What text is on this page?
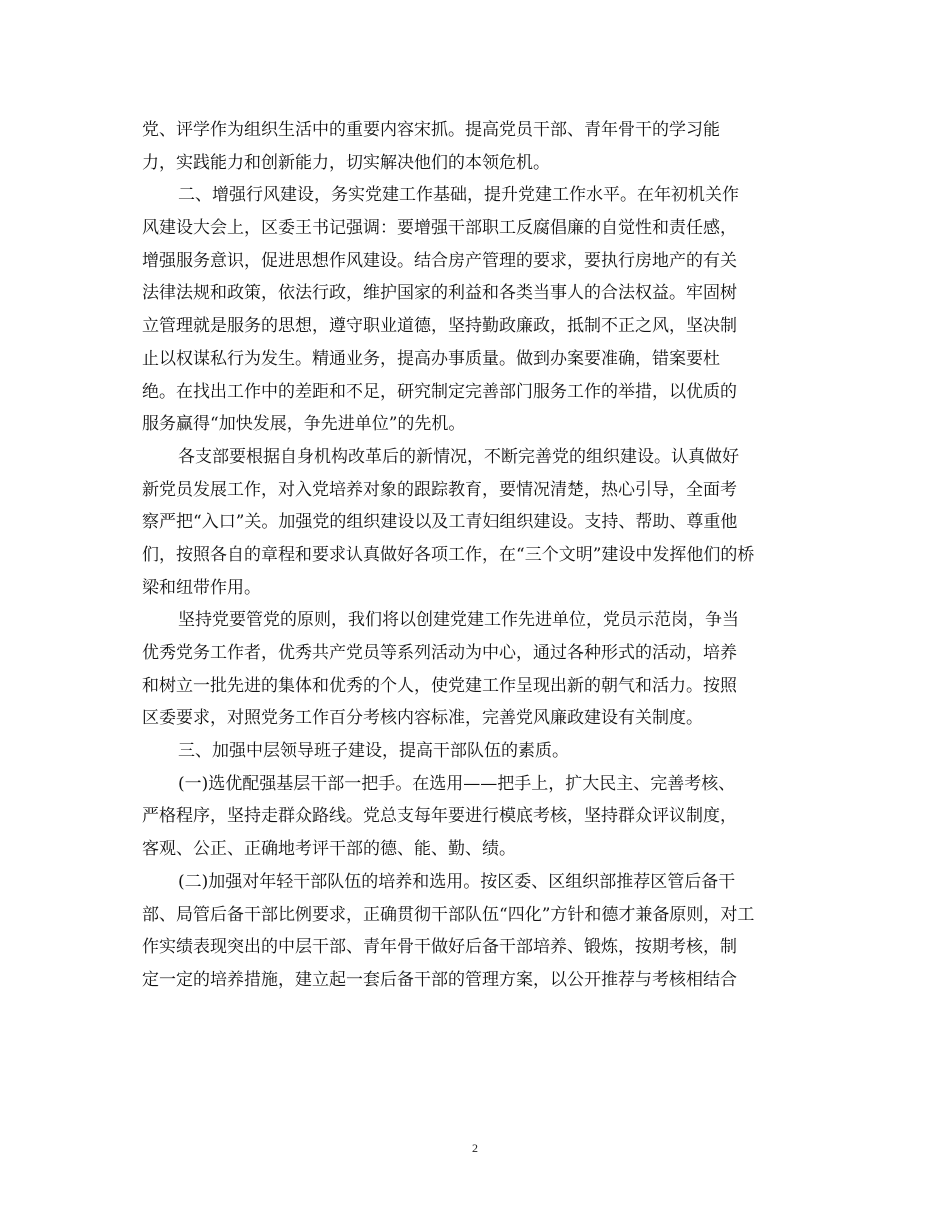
党、评学作为组织生活中的重要内容宋抓。提高党员干部、青年骨干的学习能
力，实践能力和创新能力，切实解决他们的本领危机。
二、增强行风建设，务实党建工作基础，提升党建工作水平。在年初机关作
风建设大会上，区委王书记强调：要增强干部职工反腐倡廉的自觉性和责任感，
增强服务意识，促进思想作风建设。结合房产管理的要求，要执行房地产的有关
法律法规和政策，依法行政，维护国家的利益和各类当事人的合法权益。牢固树
立管理就是服务的思想，遵守职业道德，坚持勤政廉政，抵制不正之风，坚决制
止以权谋私行为发生。精通业务，提高办事质量。做到办案要准确，错案要杜
绝。在找出工作中的差距和不足，研究制定完善部门服务工作的举措，以优质的
服务赢得“加快发展，争先进单位”的先机。
各支部要根据自身机构改革后的新情况，不断完善党的组织建设。认真做好
新党员发展工作，对入党培养对象的跟踪教育，要情况清楚，热心引导，全面考
察严把“入口”关。加强党的组织建设以及工青妇组织建设。支持、帮助、尊重他
们，按照各自的章程和要求认真做好各项工作，在“三个文明”建设中发挥他们的桥
梁和纽带作用。
坚持党要管党的原则，我们将以创建党建工作先进单位，党员示范岗，争当
优秀党务工作者，优秀共产党员等系列活动为中心，通过各种形式的活动，培养
和树立一批先进的集体和优秀的个人，使党建工作呈现出新的朝气和活力。按照
区委要求，对照党务工作百分考核内容标准，完善党风廉政建设有关制度。
三、加强中层领导班子建设，提高干部队伍的素质。
(一)选优配强基层干部一把手。在选用——把手上，扩大民主、完善考核、
严格程序，坚持走群众路线。党总支每年要进行模底考核，坚持群众评议制度，
客观、公正、正确地考评干部的德、能、勤、绩。
(二)加强对年轻干部队伍的培养和选用。按区委、区组织部推荐区管后备干
部、局管后备干部比例要求，正确贯彻干部队伍“四化”方针和德才兼备原则，对工
作实绩表现突出的中层干部、青年骨干做好后备干部培养、锻炼，按期考核，制
定一定的培养措施，建立起一套后备干部的管理方案，以公开推荐与考核相结合
2
